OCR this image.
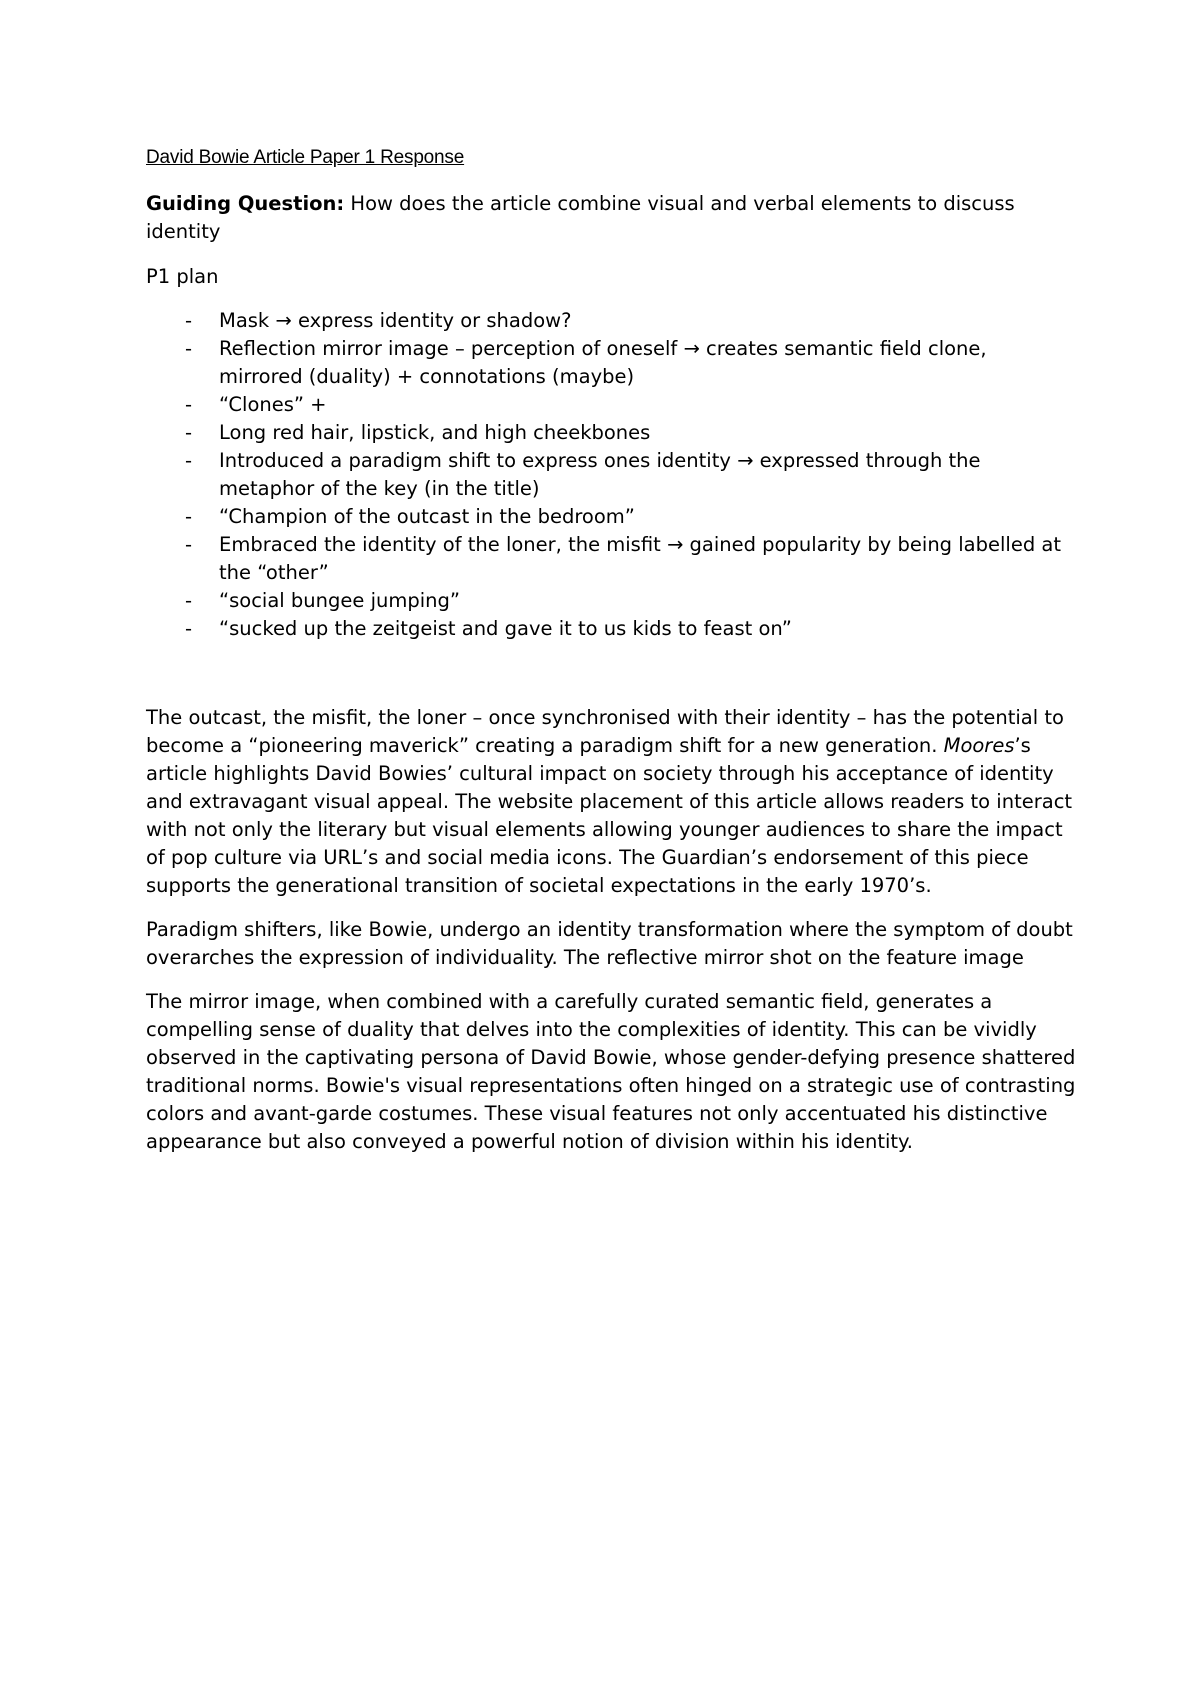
David Bowie Article Paper 1 Response
Guiding Question: How does the article combine visual and verbal elements to discuss identity
P1 plan
- Mask → express identity or shadow?
- Reflection mirror image – perception of oneself → creates semantic field clone, mirrored (duality) + connotations (maybe)
- “Clones” +
- Long red hair, lipstick, and high cheekbones
- Introduced a paradigm shift to express ones identity → expressed through the metaphor of the key (in the title)
- “Champion of the outcast in the bedroom”
- Embraced the identity of the loner, the misfit → gained popularity by being labelled at the “other”
- “social bungee jumping”
- “sucked up the zeitgeist and gave it to us kids to feast on”

The outcast, the misfit, the loner – once synchronised with their identity – has the potential to become a “pioneering maverick” creating a paradigm shift for a new generation. Moores’s article highlights David Bowies’ cultural impact on society through his acceptance of identity and extravagant visual appeal. The website placement of this article allows readers to interact with not only the literary but visual elements allowing younger audiences to share the impact of pop culture via URL’s and social media icons. The Guardian’s endorsement of this piece supports the generational transition of societal expectations in the early 1970’s.

Paradigm shifters, like Bowie, undergo an identity transformation where the symptom of doubt overarches the expression of individuality. The reflective mirror shot on the feature image

The mirror image, when combined with a carefully curated semantic field, generates a compelling sense of duality that delves into the complexities of identity. This can be vividly observed in the captivating persona of David Bowie, whose gender-defying presence shattered traditional norms. Bowie's visual representations often hinged on a strategic use of contrasting colors and avant-garde costumes. These visual features not only accentuated his distinctive appearance but also conveyed a powerful notion of division within his identity.
